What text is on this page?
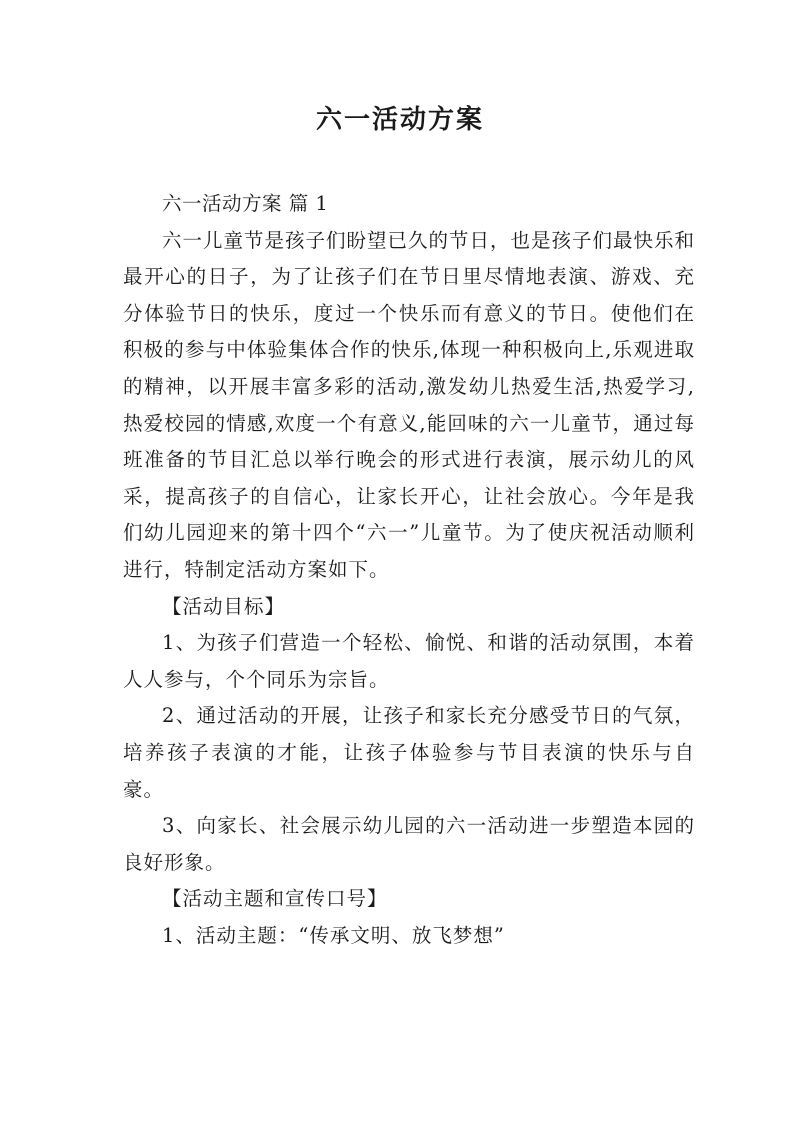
六一活动方案

六一活动方案 篇 1

六一儿童节是孩子们盼望已久的节日，也是孩子们最快乐和最开心的日子，为了让孩子们在节日里尽情地表演、游戏、充分体验节日的快乐，度过一个快乐而有意义的节日。使他们在积极的参与中体验集体合作的快乐,体现一种积极向上,乐观进取的精神，以开展丰富多彩的活动,激发幼儿热爱生活,热爱学习,热爱校园的情感,欢度一个有意义,能回味的六一儿童节，通过每班准备的节目汇总以举行晚会的形式进行表演，展示幼儿的风采，提高孩子的自信心，让家长开心，让社会放心。今年是我们幼儿园迎来的第十四个“六一”儿童节。为了使庆祝活动顺利进行，特制定活动方案如下。

【活动目标】

1、为孩子们营造一个轻松、愉悦、和谐的活动氛围，本着人人参与，个个同乐为宗旨。

2、通过活动的开展，让孩子和家长充分感受节日的气氛，培养孩子表演的才能，让孩子体验参与节目表演的快乐与自豪。

3、向家长、社会展示幼儿园的六一活动进一步塑造本园的良好形象。

【活动主题和宣传口号】

1、活动主题：“传承文明、放飞梦想”
